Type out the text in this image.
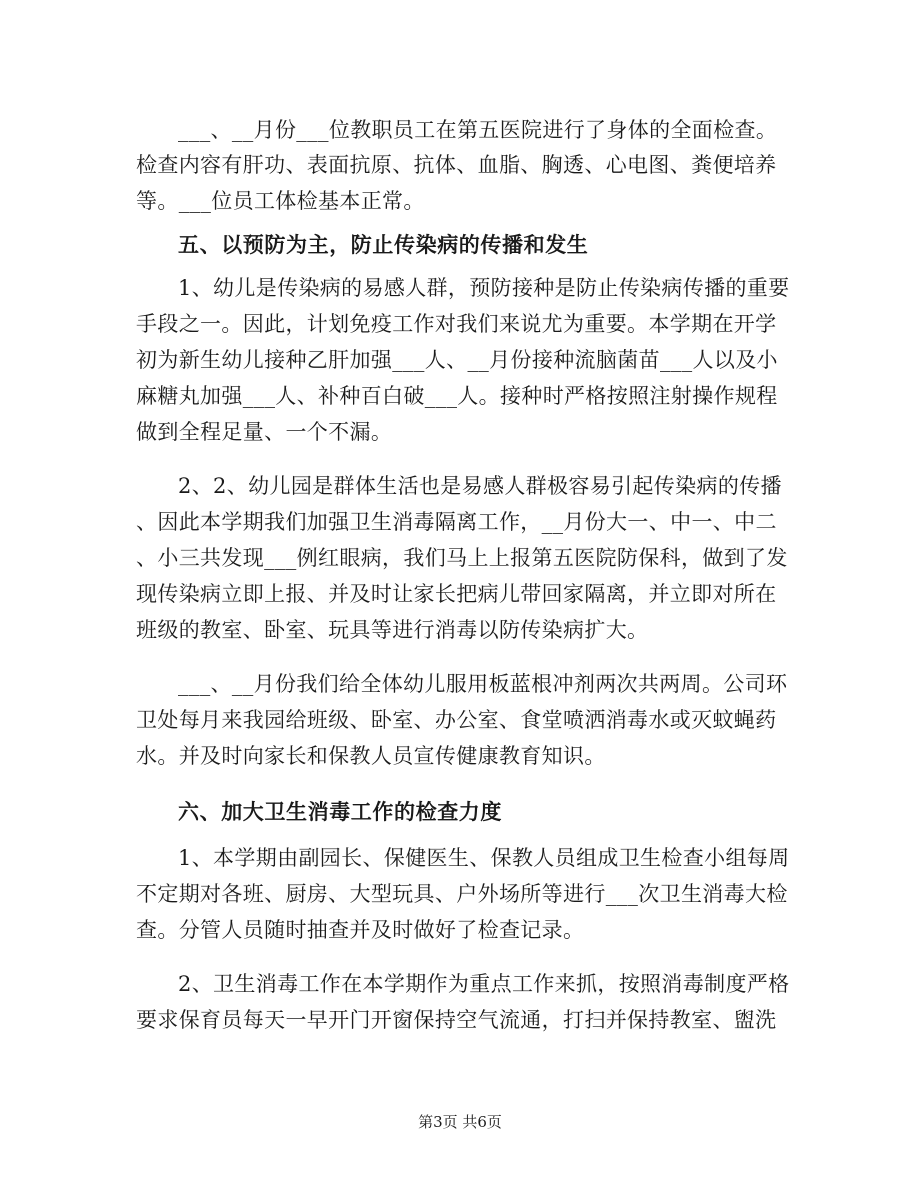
___、__月份___位教职员工在第五医院进行了身体的全面检查。
检查内容有肝功、表面抗原、抗体、血脂、胸透、心电图、粪便培养
等。___位员工体检基本正常。
五、以预防为主，防止传染病的传播和发生
1、幼儿是传染病的易感人群，预防接种是防止传染病传播的重要
手段之一。因此，计划免疫工作对我们来说尤为重要。本学期在开学
初为新生幼儿接种乙肝加强___人、__月份接种流脑菌苗___人以及小
麻糖丸加强___人、补种百白破___人。接种时严格按照注射操作规程
做到全程足量、一个不漏。
2、2、幼儿园是群体生活也是易感人群极容易引起传染病的传播
、因此本学期我们加强卫生消毒隔离工作，__月份大一、中一、中二
、小三共发现___例红眼病，我们马上上报第五医院防保科，做到了发
现传染病立即上报、并及时让家长把病儿带回家隔离，并立即对所在
班级的教室、卧室、玩具等进行消毒以防传染病扩大。
___、__月份我们给全体幼儿服用板蓝根冲剂两次共两周。公司环
卫处每月来我园给班级、卧室、办公室、食堂喷洒消毒水或灭蚊蝇药
水。并及时向家长和保教人员宣传健康教育知识。
六、加大卫生消毒工作的检查力度
1、本学期由副园长、保健医生、保教人员组成卫生检查小组每周
不定期对各班、厨房、大型玩具、户外场所等进行___次卫生消毒大检
查。分管人员随时抽查并及时做好了检查记录。
2、卫生消毒工作在本学期作为重点工作来抓，按照消毒制度严格
要求保育员每天一早开门开窗保持空气流通，打扫并保持教室、盥洗
第3页 共6页
